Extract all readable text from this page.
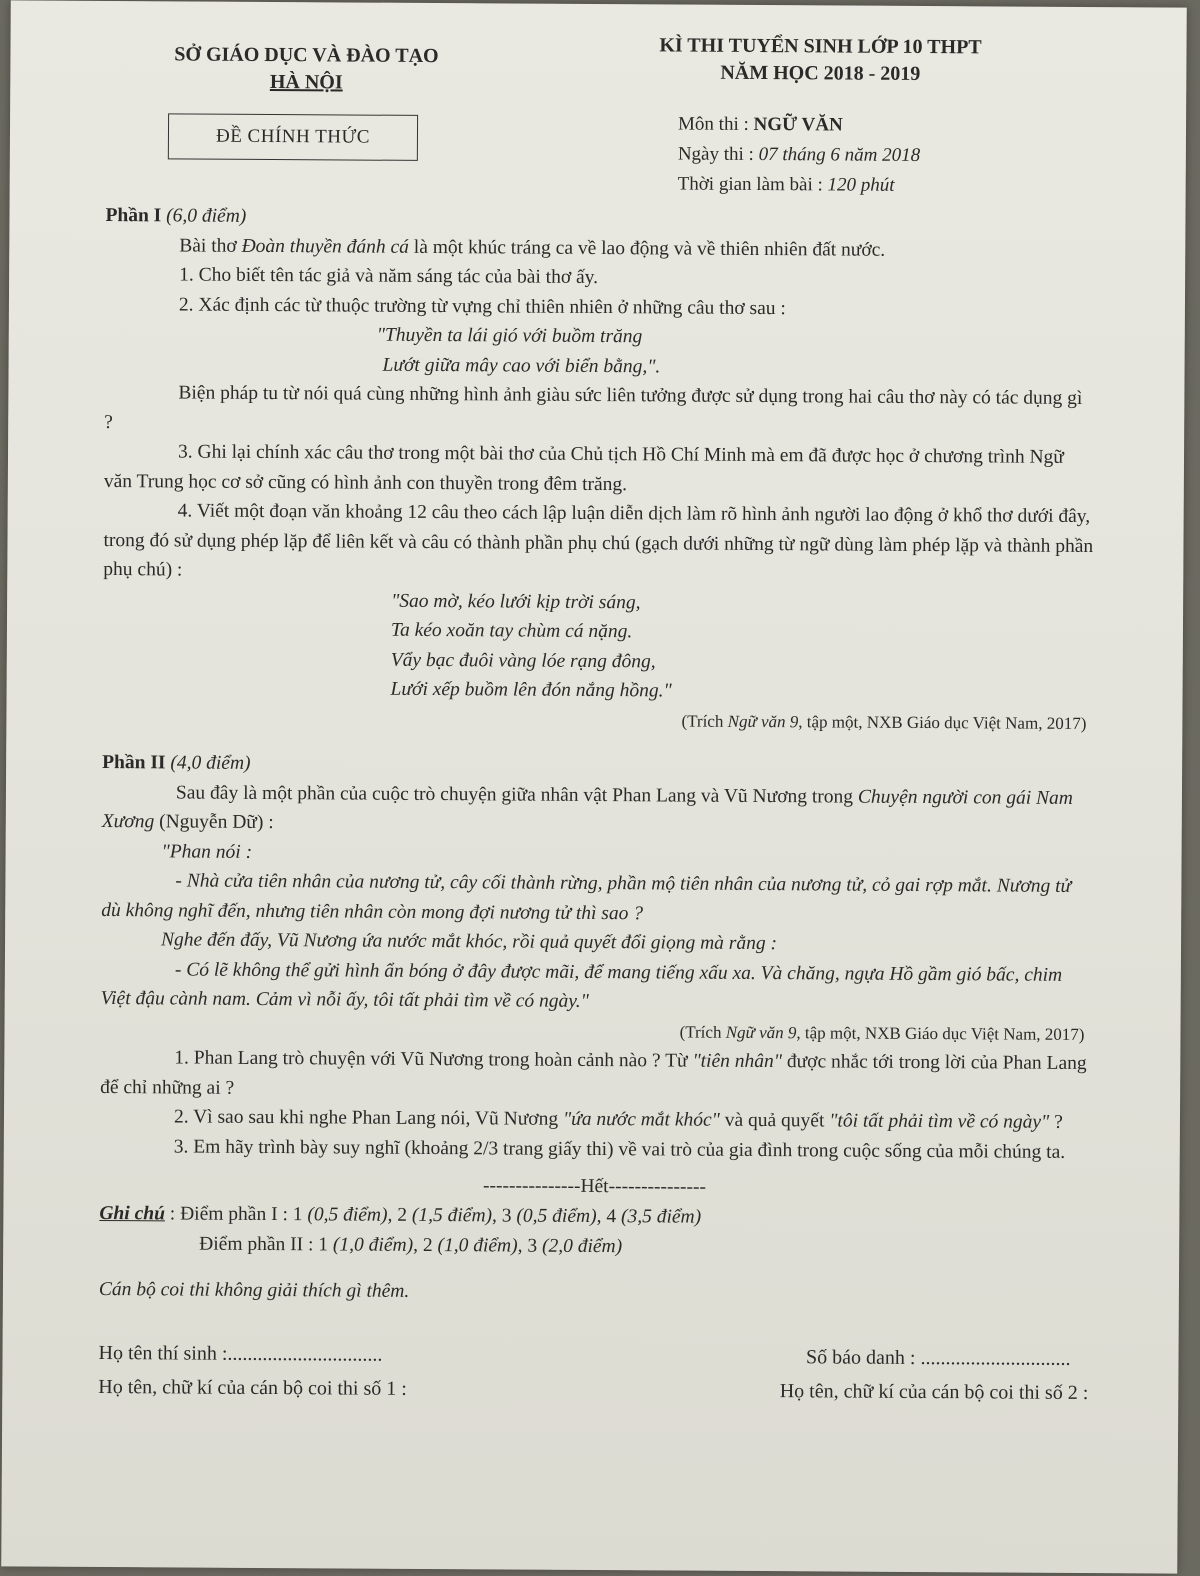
SỞ GIÁO DỤC VÀ ĐÀO TẠO
HÀ NỘI
KÌ THI TUYỂN SINH LỚP 10 THPT
NĂM HỌC 2018 - 2019
ĐỀ CHÍNH THỨC
Môn thi : NGỮ VĂN
Ngày thi : 07 tháng 6 năm 2018
Thời gian làm bài : 120 phút

Phần I (6,0 điểm)

Bài thơ Đoàn thuyền đánh cá là một khúc tráng ca về lao động và về thiên nhiên đất nước.

1. Cho biết tên tác giả và năm sáng tác của bài thơ ấy.

2. Xác định các từ thuộc trường từ vựng chỉ thiên nhiên ở những câu thơ sau :

"Thuyền ta lái gió với buồm trăng

Lướt giữa mây cao với biển bằng,".

Biện pháp tu từ nói quá cùng những hình ảnh giàu sức liên tưởng được sử dụng trong hai câu thơ này có tác dụng gì ?

3. Ghi lại chính xác câu thơ trong một bài thơ của Chủ tịch Hồ Chí Minh mà em đã được học ở chương trình Ngữ văn Trung học cơ sở cũng có hình ảnh con thuyền trong đêm trăng.

4. Viết một đoạn văn khoảng 12 câu theo cách lập luận diễn dịch làm rõ hình ảnh người lao động ở khổ thơ dưới đây, trong đó sử dụng phép lặp để liên kết và câu có thành phần phụ chú (gạch dưới những từ ngữ dùng làm phép lặp và thành phần phụ chú) :

"Sao mờ, kéo lưới kịp trời sáng,

Ta kéo xoăn tay chùm cá nặng.

Vẩy bạc đuôi vàng lóe rạng đông,

Lưới xếp buồm lên đón nắng hồng."

(Trích Ngữ văn 9, tập một, NXB Giáo dục Việt Nam, 2017)

Phần II (4,0 điểm)

Sau đây là một phần của cuộc trò chuyện giữa nhân vật Phan Lang và Vũ Nương trong Chuyện người con gái Nam Xương (Nguyễn Dữ) :

"Phan nói :

- Nhà cửa tiên nhân của nương tử, cây cối thành rừng, phần mộ tiên nhân của nương tử, cỏ gai rợp mắt. Nương tử dù không nghĩ đến, nhưng tiên nhân còn mong đợi nương tử thì sao ?

Nghe đến đấy, Vũ Nương ứa nước mắt khóc, rồi quả quyết đổi giọng mà rằng :

- Có lẽ không thể gửi hình ẩn bóng ở đây được mãi, để mang tiếng xấu xa. Và chăng, ngựa Hồ gầm gió bấc, chim Việt đậu cành nam. Cảm vì nỗi ấy, tôi tất phải tìm về có ngày."

(Trích Ngữ văn 9, tập một, NXB Giáo dục Việt Nam, 2017)

1. Phan Lang trò chuyện với Vũ Nương trong hoàn cảnh nào ? Từ "tiên nhân" được nhắc tới trong lời của Phan Lang để chỉ những ai ?

2. Vì sao sau khi nghe Phan Lang nói, Vũ Nương "ứa nước mắt khóc" và quả quyết "tôi tất phải tìm về có ngày" ?

3. Em hãy trình bày suy nghĩ (khoảng 2/3 trang giấy thi) về vai trò của gia đình trong cuộc sống của mỗi chúng ta.

---------------Hết---------------

Ghi chú : Điểm phần I : 1 (0,5 điểm), 2 (1,5 điểm), 3 (0,5 điểm), 4 (3,5 điểm)
Điểm phần II : 1 (1,0 điểm), 2 (1,0 điểm), 3 (2,0 điểm)

Cán bộ coi thi không giải thích gì thêm.

Họ tên thí sinh :...............................	Số báo danh : ..............................
Họ tên, chữ kí của cán bộ coi thi số 1 :	Họ tên, chữ kí của cán bộ coi thi số 2 :
